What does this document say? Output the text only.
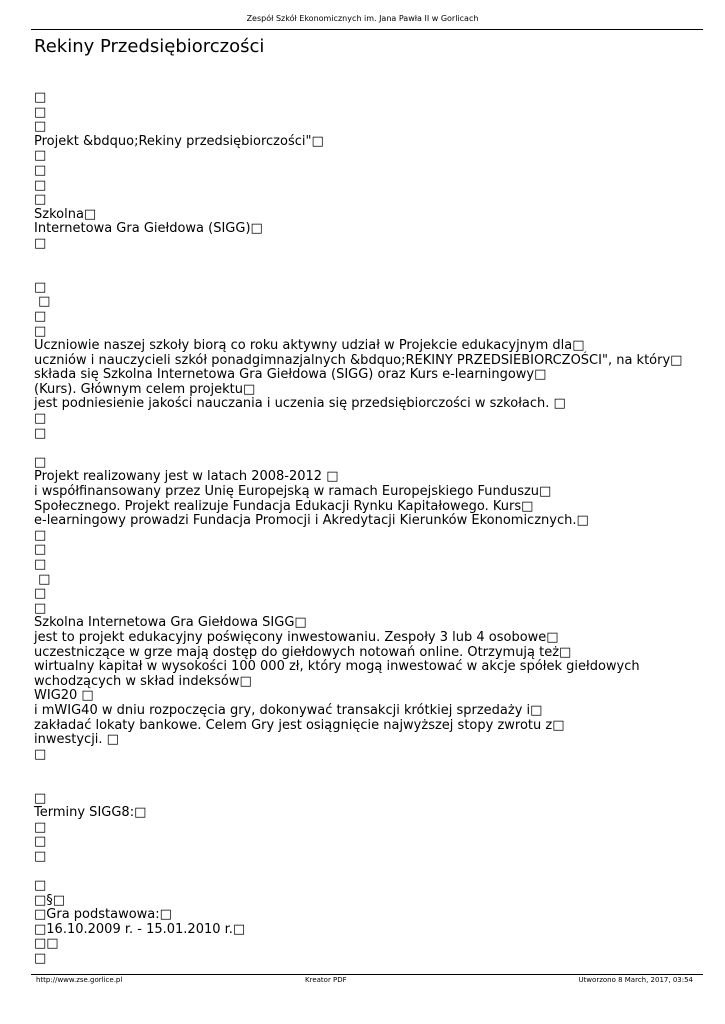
Zespół Szkół Ekonomicznych im. Jana Pawła II w Gorlicach
Rekiny Przedsiębiorczości
□
□
□
Projekt &bdquo;Rekiny przedsiębiorczości"□
□
□
□
□
Szkolna□
Internetowa Gra Giełdowa (SIGG)□
□
□
□
□
□
Uczniowie naszej szkoły biorą co roku aktywny udział w Projekcie edukacyjnym dla□
uczniów i nauczycieli szkół ponadgimnazjalnych &bdquo;REKINY PRZEDSIEBIORCZOŚCI", na który□
składa się Szkolna Internetowa Gra Giełdowa (SIGG) oraz Kurs e-learningowy□
(Kurs). Głównym celem projektu□
jest podniesienie jakości nauczania i uczenia się przedsiębiorczości w szkołach. □
□
□
□
Projekt realizowany jest w latach 2008-2012 □
i współfinansowany przez Unię Europejską w ramach Europejskiego Funduszu□
Społecznego. Projekt realizuje Fundacja Edukacji Rynku Kapitałowego. Kurs□
e-learningowy prowadzi Fundacja Promocji i Akredytacji Kierunków Ekonomicznych.□
□
□
□
□
□
□
Szkolna Internetowa Gra Giełdowa SIGG□
jest to projekt edukacyjny poświęcony inwestowaniu. Zespoły 3 lub 4 osobowe□
uczestniczące w grze mają dostęp do giełdowych notowań online. Otrzymują też□
wirtualny kapitał w wysokości 100 000 zł, który mogą inwestować w akcje spółek giełdowych
wchodzących w skład indeksów□
WIG20 □
i mWIG40 w dniu rozpoczęcia gry, dokonywać transakcji krótkiej sprzedaży i□
zakładać lokaty bankowe. Celem Gry jest osiągnięcie najwyższej stopy zwrotu z□
inwestycji. □
□
□
Terminy SIGG8:□
□
□
□
□
□§□
□Gra podstawowa:□
□16.10.2009 r. - 15.01.2010 r.□
□□
□
http://www.zse.gorlice.pl	Kreator PDF	Utworzono 8 March, 2017, 03:54
